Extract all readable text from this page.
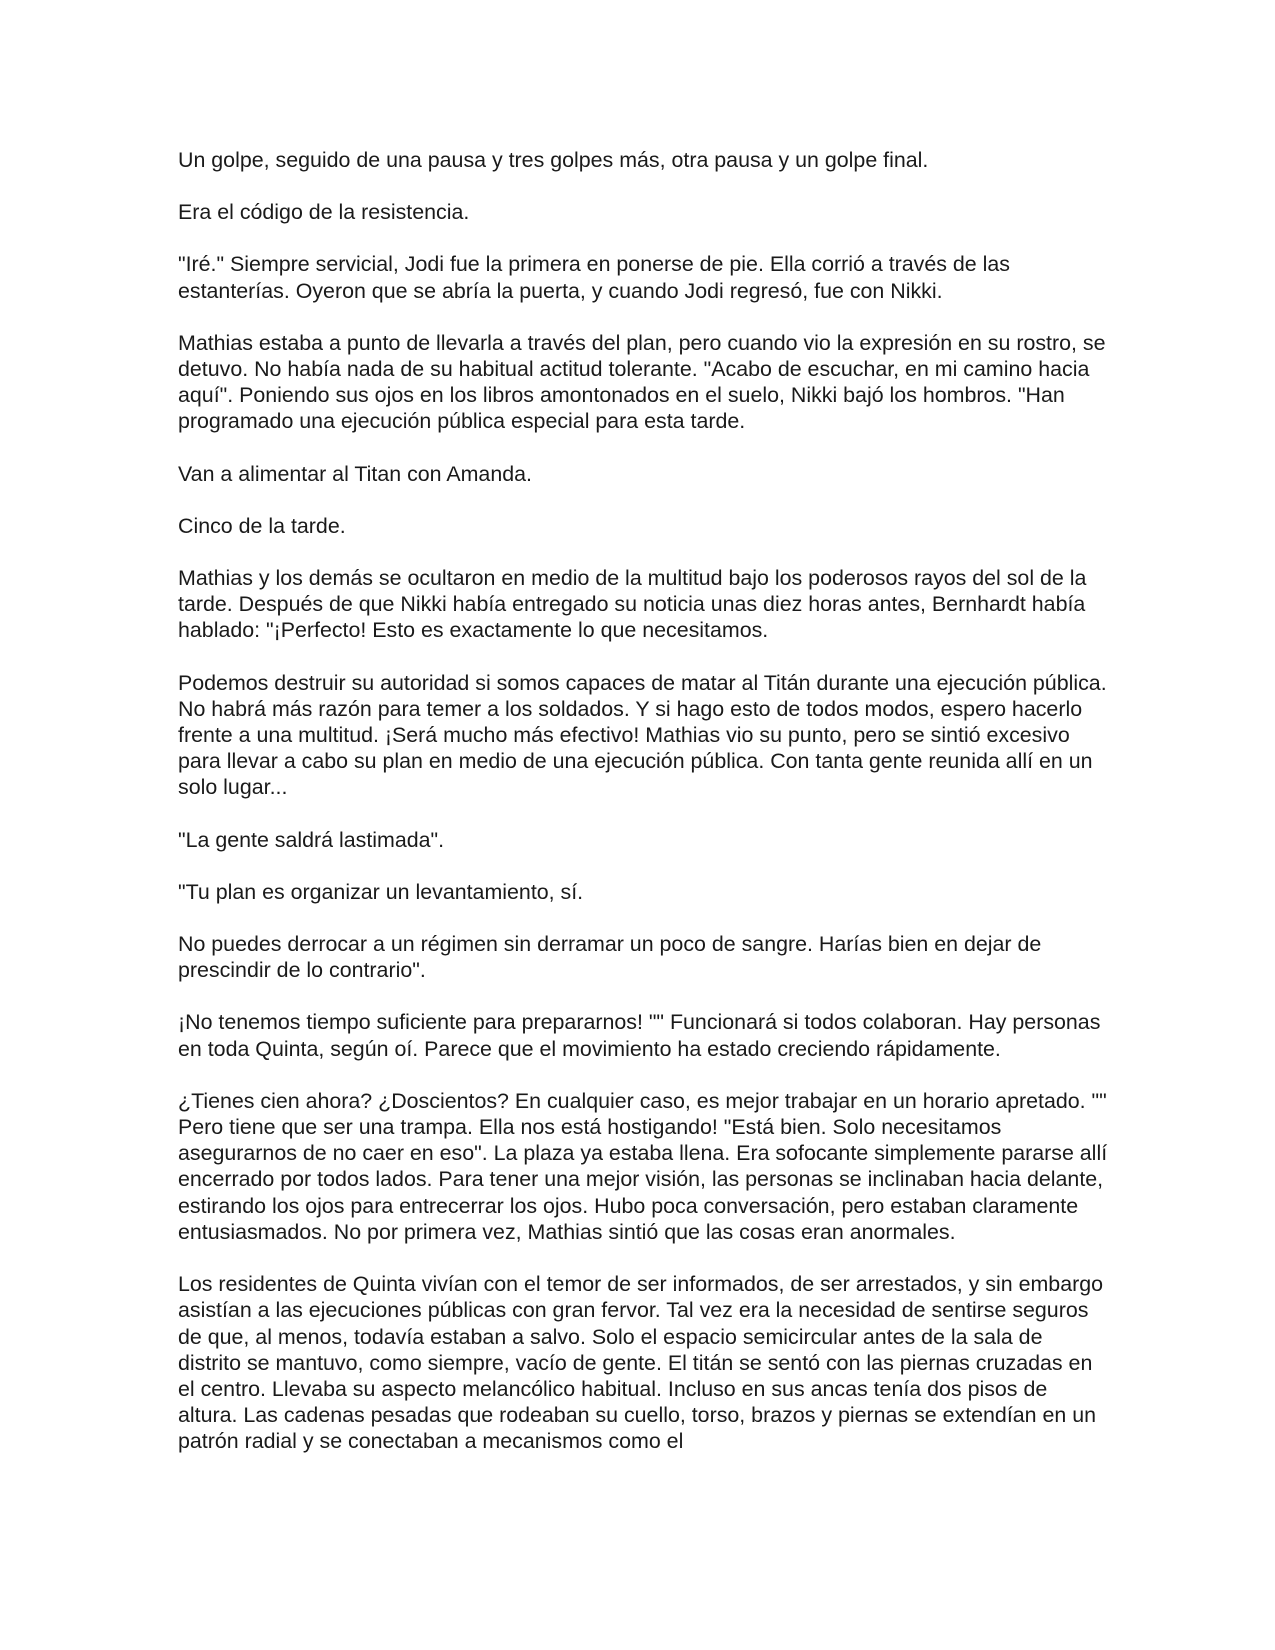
Un golpe, seguido de una pausa y tres golpes más, otra pausa y un golpe final.

Era el código de la resistencia.

"Iré." Siempre servicial, Jodi fue la primera en ponerse de pie. Ella corrió a través de las estanterías. Oyeron que se abría la puerta, y cuando Jodi regresó, fue con Nikki.

Mathias estaba a punto de llevarla a través del plan, pero cuando vio la expresión en su rostro, se detuvo. No había nada de su habitual actitud tolerante. "Acabo de escuchar, en mi camino hacia aquí". Poniendo sus ojos en los libros amontonados en el suelo, Nikki bajó los hombros. "Han programado una ejecución pública especial para esta tarde.

Van a alimentar al Titan con Amanda.

Cinco de la tarde.

Mathias y los demás se ocultaron en medio de la multitud bajo los poderosos rayos del sol de la tarde. Después de que Nikki había entregado su noticia unas diez horas antes, Bernhardt había hablado: "¡Perfecto! Esto es exactamente lo que necesitamos.

Podemos destruir su autoridad si somos capaces de matar al Titán durante una ejecución pública. No habrá más razón para temer a los soldados. Y si hago esto de todos modos, espero hacerlo frente a una multitud. ¡Será mucho más efectivo! Mathias vio su punto, pero se sintió excesivo para llevar a cabo su plan en medio de una ejecución pública. Con tanta gente reunida allí en un solo lugar...

"La gente saldrá lastimada".

"Tu plan es organizar un levantamiento, sí.

No puedes derrocar a un régimen sin derramar un poco de sangre. Harías bien en dejar de prescindir de lo contrario".

¡No tenemos tiempo suficiente para prepararnos! "" Funcionará si todos colaboran. Hay personas en toda Quinta, según oí. Parece que el movimiento ha estado creciendo rápidamente.

¿Tienes cien ahora? ¿Doscientos? En cualquier caso, es mejor trabajar en un horario apretado. "" Pero tiene que ser una trampa. Ella nos está hostigando! "Está bien. Solo necesitamos asegurarnos de no caer en eso". La plaza ya estaba llena. Era sofocante simplemente pararse allí encerrado por todos lados. Para tener una mejor visión, las personas se inclinaban hacia delante, estirando los ojos para entrecerrar los ojos. Hubo poca conversación, pero estaban claramente entusiasmados. No por primera vez, Mathias sintió que las cosas eran anormales.

Los residentes de Quinta vivían con el temor de ser informados, de ser arrestados, y sin embargo asistían a las ejecuciones públicas con gran fervor. Tal vez era la necesidad de sentirse seguros de que, al menos, todavía estaban a salvo. Solo el espacio semicircular antes de la sala de distrito se mantuvo, como siempre, vacío de gente. El titán se sentó con las piernas cruzadas en el centro. Llevaba su aspecto melancólico habitual. Incluso en sus ancas tenía dos pisos de altura. Las cadenas pesadas que rodeaban su cuello, torso, brazos y piernas se extendían en un patrón radial y se conectaban a mecanismos como el
